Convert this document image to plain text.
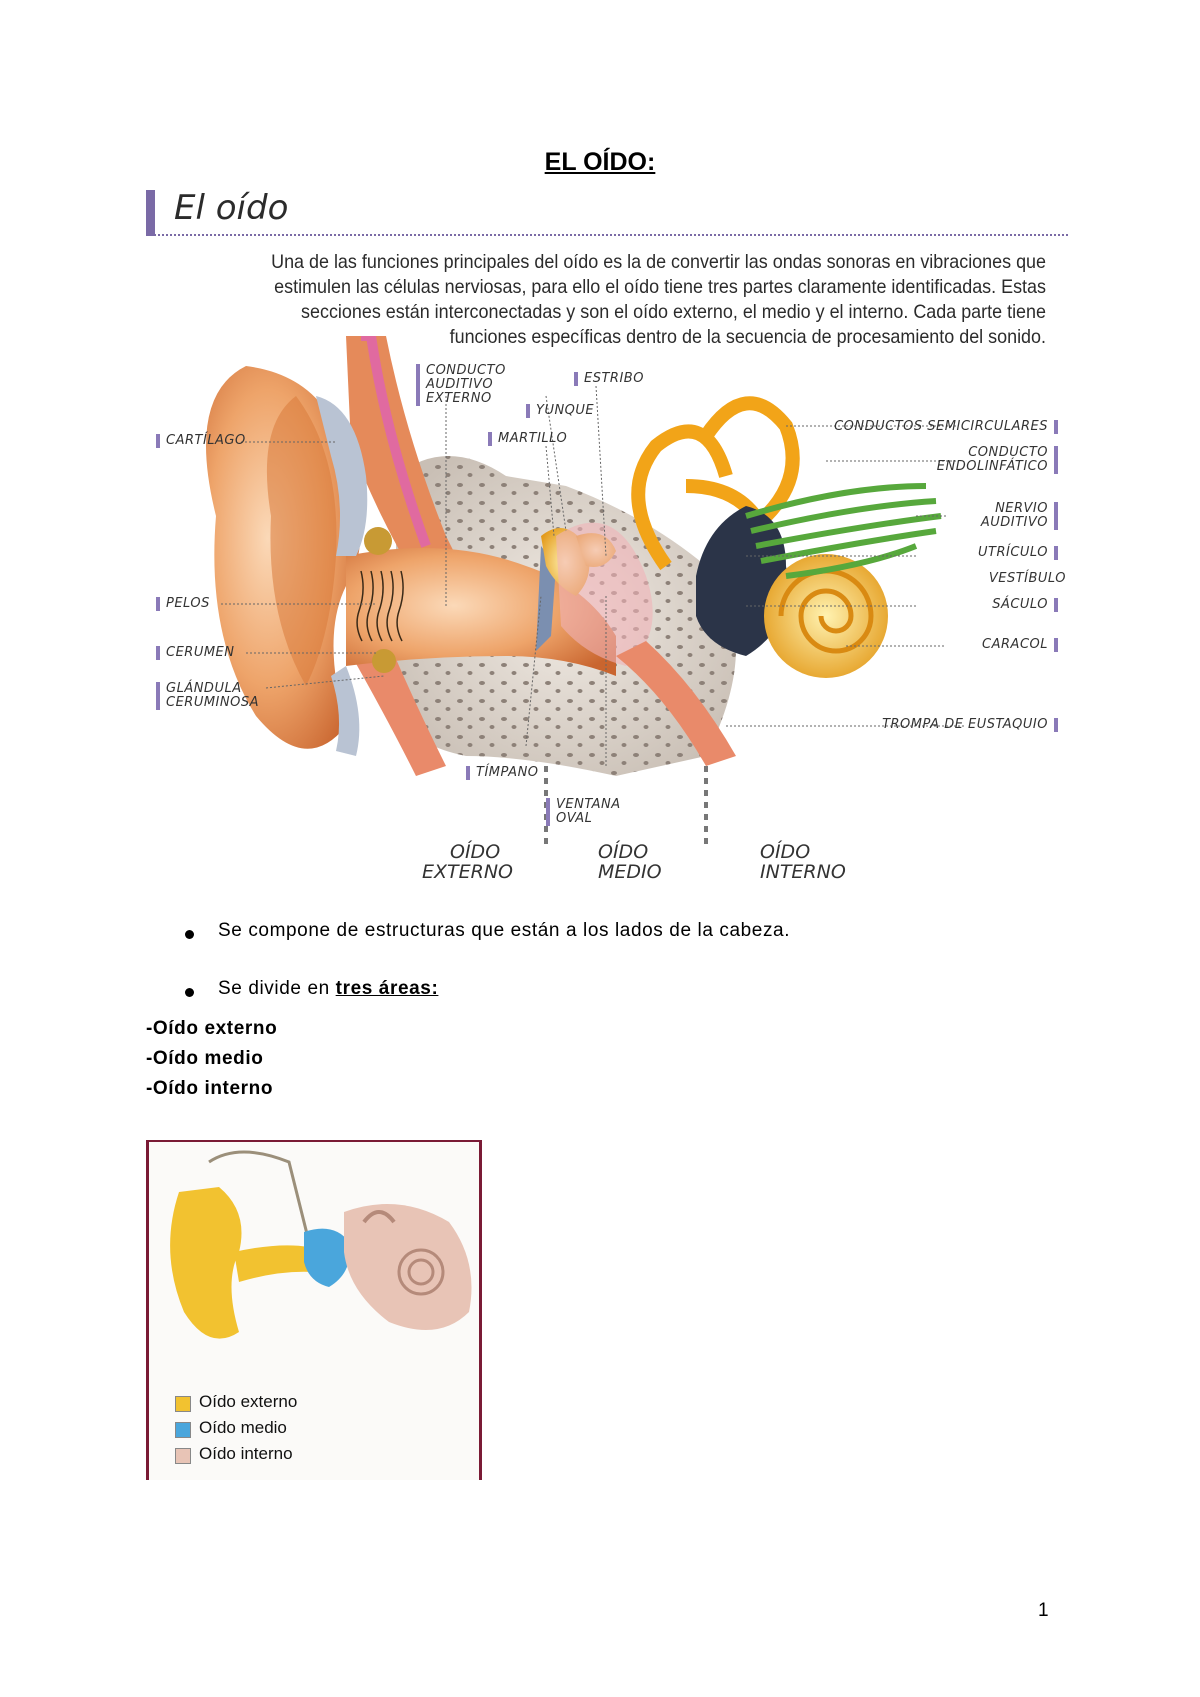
EL OÍDO:
El oído
Una de las funciones principales del oído es la de convertir las ondas sonoras en vibraciones que estimulen las células nerviosas, para ello el oído tiene tres partes claramente identificadas. Estas secciones están interconectadas y son el oído externo, el medio y el interno. Cada parte tiene funciones específicas dentro de la secuencia de procesamiento del sonido.
CARTÍLAGO
PELOS
CERUMEN
GLÁNDULA
CERUMINOSA
CONDUCTO
AUDITIVO
EXTERNO
YUNQUE
MARTILLO
ESTRIBO
TÍMPANO
VENTANA
OVAL
CONDUCTOS SEMICIRCULARES
CONDUCTO
ENDOLINFÁTICO
NERVIO
AUDITIVO
UTRÍCULO
VESTÍBULO
SÁCULO
CARACOL
TROMPA DE EUSTAQUIO
OÍDO
EXTERNO
OÍDO
MEDIO
OÍDO
INTERNO
Se compone de estructuras que están a los lados de la cabeza.
Se divide en tres áreas:
-Oído externo
-Oído medio
-Oído interno
Oído externo
Oído medio
Oído interno
1
